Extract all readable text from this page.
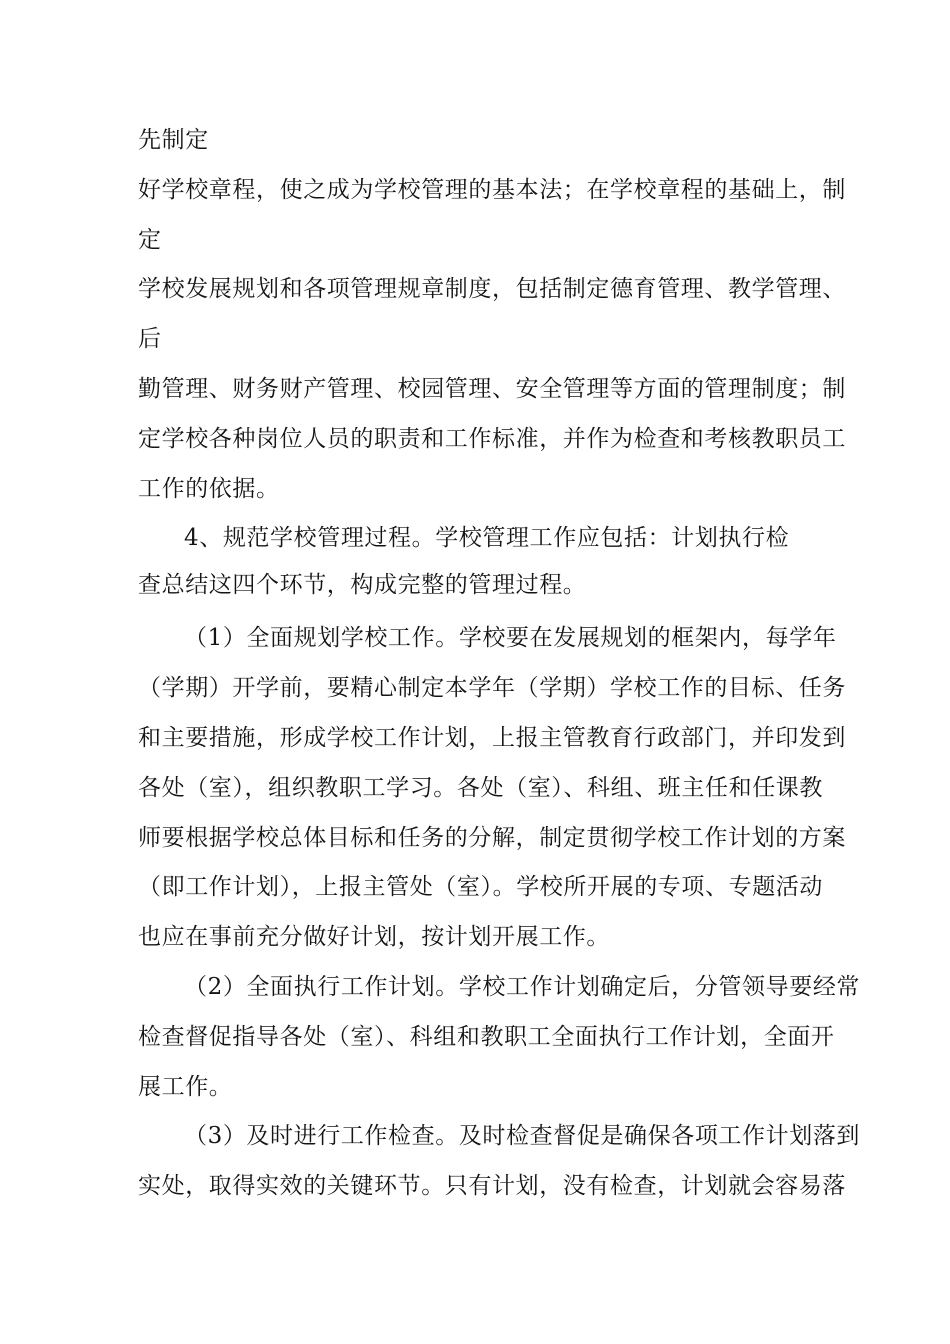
先制定

好学校章程，使之成为学校管理的基本法；在学校章程的基础上，制

定

学校发展规划和各项管理规章制度，包括制定德育管理、教学管理、

后

勤管理、财务财产管理、校园管理、安全管理等方面的管理制度；制

定学校各种岗位人员的职责和工作标准，并作为检查和考核教职员工

工作的依据。

4、规范学校管理过程。学校管理工作应包括：计划执行检

查总结这四个环节，构成完整的管理过程。

（1）全面规划学校工作。学校要在发展规划的框架内，每学年

（学期）开学前，要精心制定本学年（学期）学校工作的目标、任务

和主要措施，形成学校工作计划，上报主管教育行政部门，并印发到

各处（室），组织教职工学习。各处（室）、科组、班主任和任课教

师要根据学校总体目标和任务的分解，制定贯彻学校工作计划的方案

（即工作计划），上报主管处（室）。学校所开展的专项、专题活动

也应在事前充分做好计划，按计划开展工作。

（2）全面执行工作计划。学校工作计划确定后，分管领导要经常

检查督促指导各处（室）、科组和教职工全面执行工作计划，全面开

展工作。

（3）及时进行工作检查。及时检查督促是确保各项工作计划落到

实处，取得实效的关键环节。只有计划，没有检查，计划就会容易落
